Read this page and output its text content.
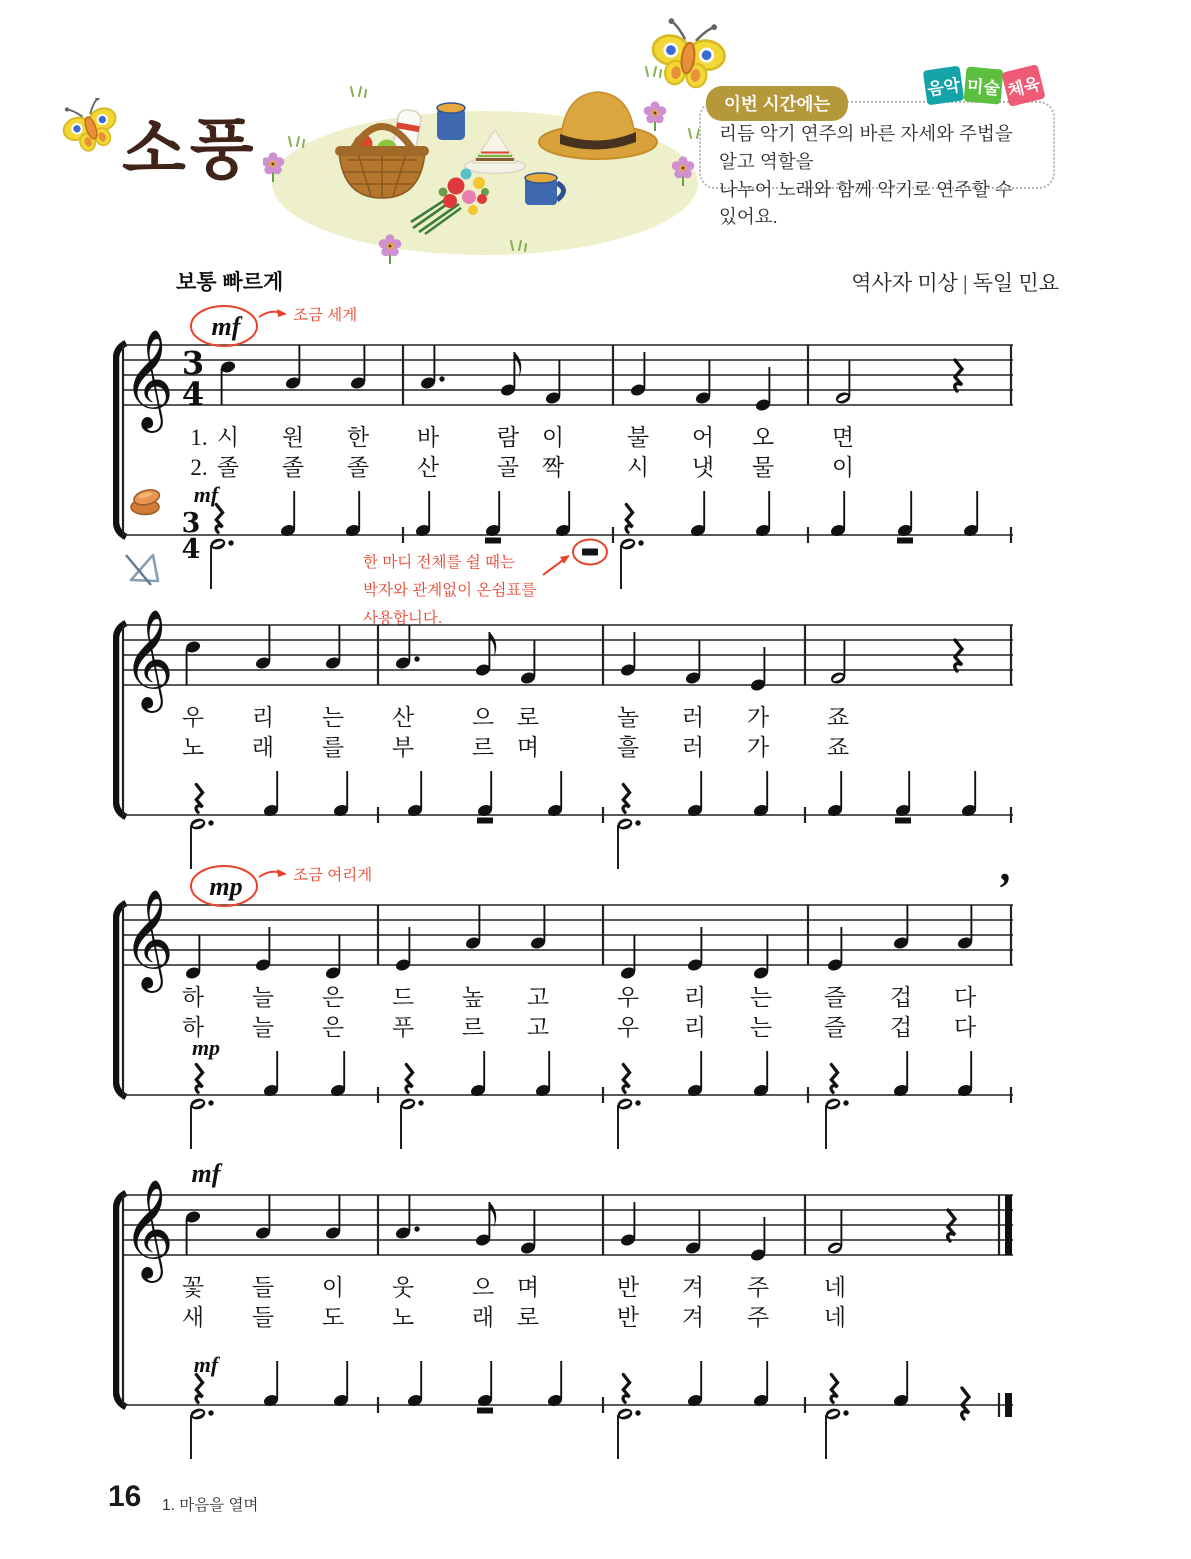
소풍
음악 미술 체육
이번 시간에는
리듬 악기 연주의 바른 자세와 주법을 알고 역할을
나누어 노래와 함께 악기로 연주할 수 있어요.
보통 빠르게	역사자 미상 | 독일 민요
𝄞 3
4
mf	조금 세게
1. 시 원 한 바	람 이	불 어 오	면
2. 졸 졸 졸 산	골 짝	시 냇 물	이
3
4
mf
한 마디 전체를 쉴 때는
박자와 관계없이 온쉼표를
사용합니다.
𝄞
우 리 는 산	으 로	놀 러 가	죠
노 래 를 부	르 며	흘 러 가	죠
𝄞
mp	조금 여리게	’
하 늘 은 드 높 고	우 리 는 즐 겁 다
하 늘 은 푸 르 고	우 리 는 즐 겁 다
mp
𝄞
mf
꽃 들 이 웃	으 며	반 겨 주 네
새 들 도 노	래 로	반 겨 주 네
mf
16 1. 마음을 열며
